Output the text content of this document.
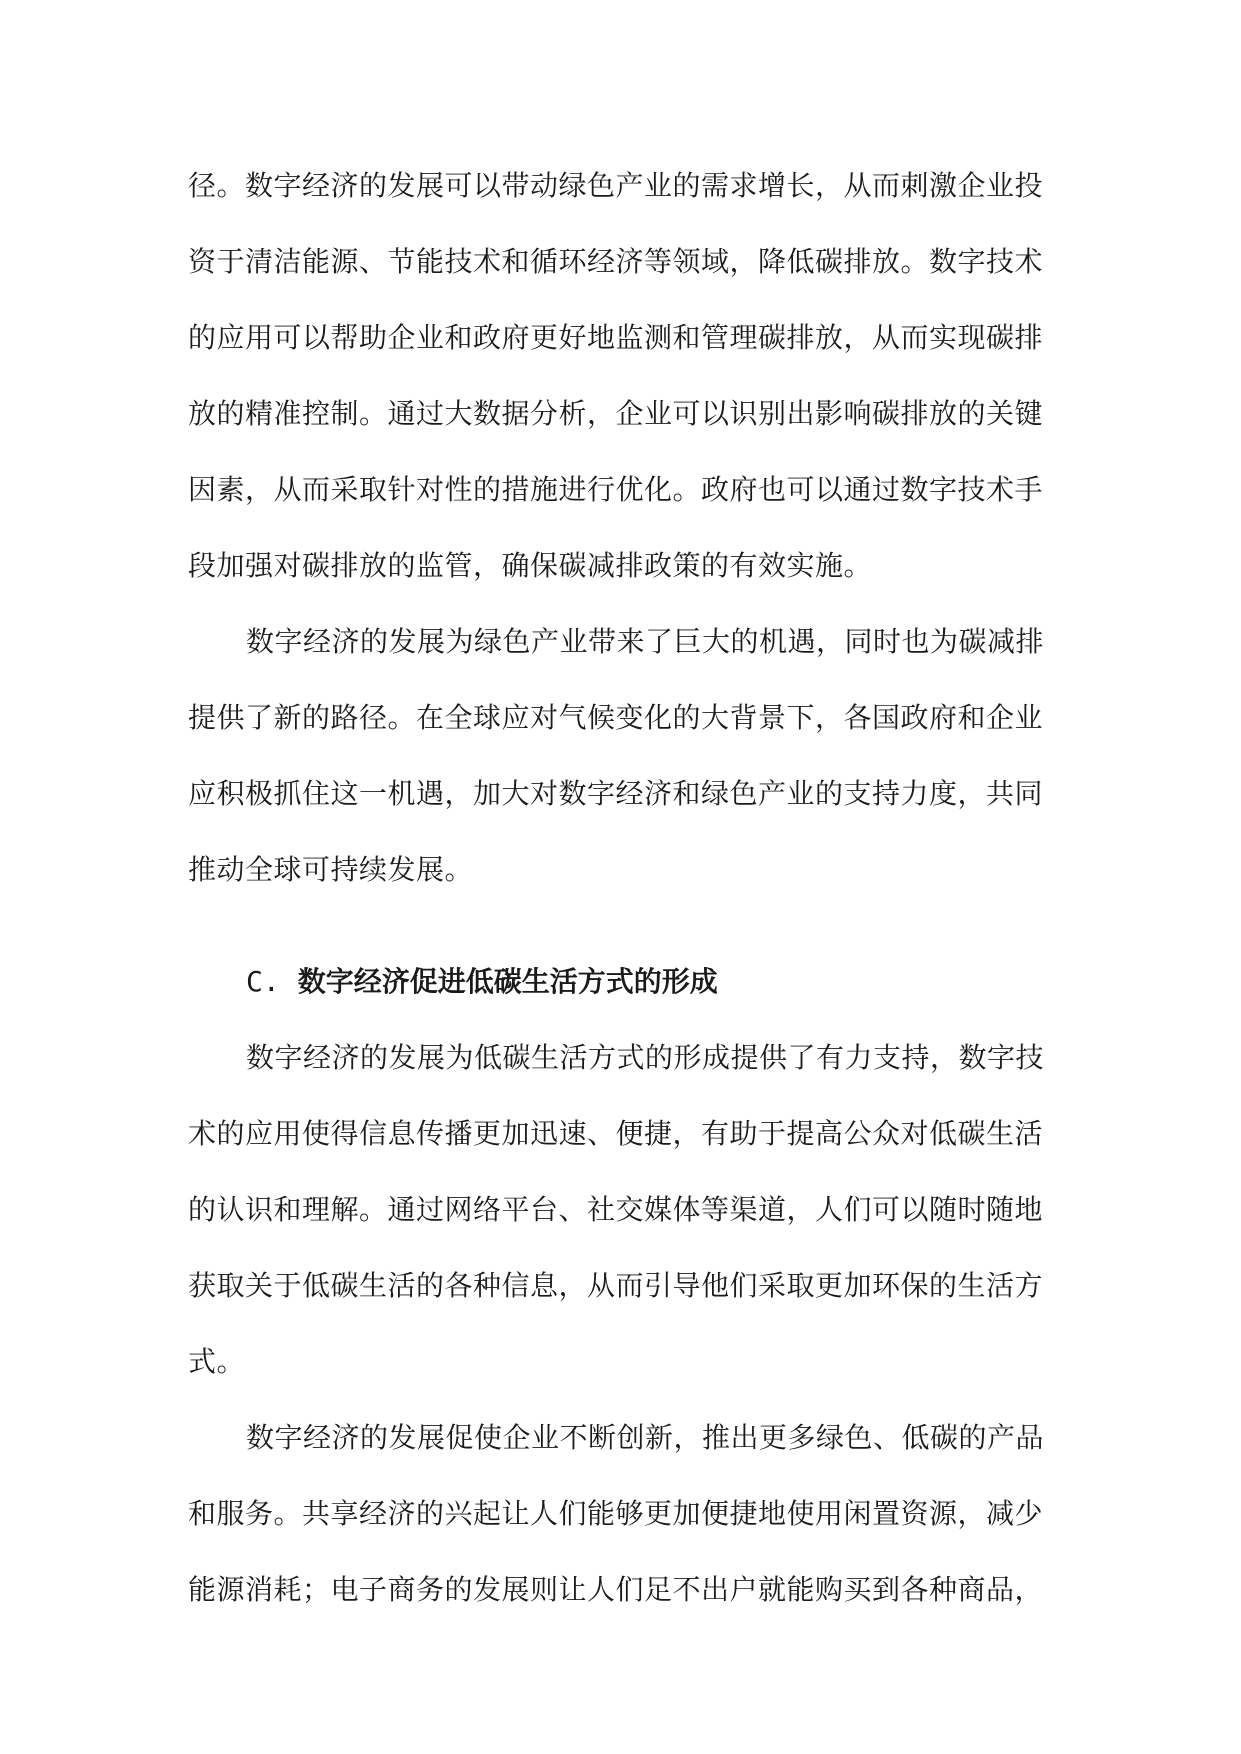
径。数字经济的发展可以带动绿色产业的需求增长，从而刺激企业投
资于清洁能源、节能技术和循环经济等领域，降低碳排放。数字技术
的应用可以帮助企业和政府更好地监测和管理碳排放，从而实现碳排
放的精准控制。通过大数据分析，企业可以识别出影响碳排放的关键
因素，从而采取针对性的措施进行优化。政府也可以通过数字技术手
段加强对碳排放的监管，确保碳减排政策的有效实施。

数字经济的发展为绿色产业带来了巨大的机遇，同时也为碳减排
提供了新的路径。在全球应对气候变化的大背景下，各国政府和企业
应积极抓住这一机遇，加大对数字经济和绿色产业的支持力度，共同
推动全球可持续发展。

C. 数字经济促进低碳生活方式的形成

数字经济的发展为低碳生活方式的形成提供了有力支持，数字技
术的应用使得信息传播更加迅速、便捷，有助于提高公众对低碳生活
的认识和理解。通过网络平台、社交媒体等渠道，人们可以随时随地
获取关于低碳生活的各种信息，从而引导他们采取更加环保的生活方
式。

数字经济的发展促使企业不断创新，推出更多绿色、低碳的产品
和服务。共享经济的兴起让人们能够更加便捷地使用闲置资源，减少
能源消耗；电子商务的发展则让人们足不出户就能购买到各种商品，
